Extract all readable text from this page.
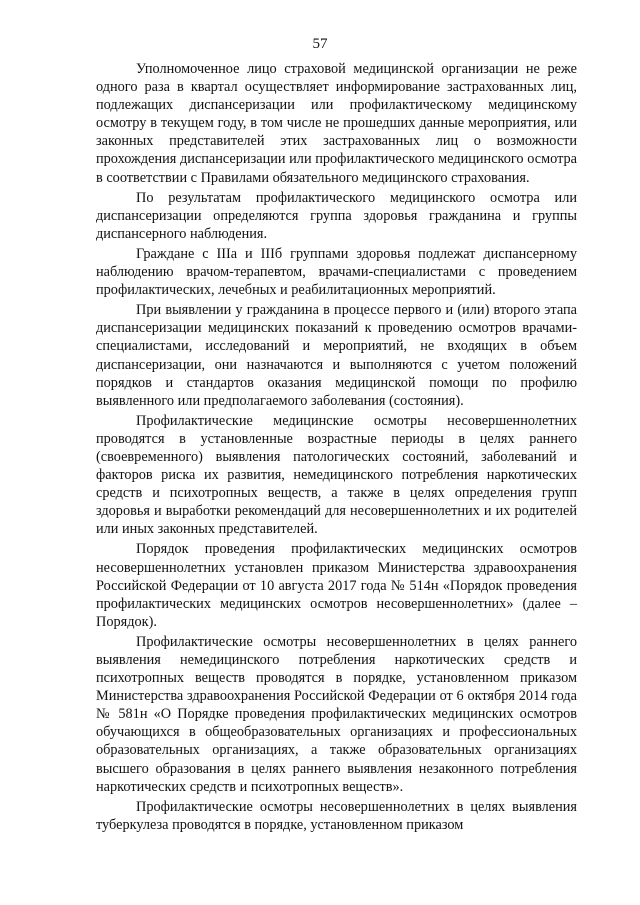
57

Уполномоченное лицо страховой медицинской организации не реже одного раза в квартал осуществляет информирование застрахованных лиц, подлежащих диспансеризации или профилактическому медицинскому осмотру в текущем году, в том числе не прошедших данные мероприятия, или законных представителей этих застрахованных лиц о возможности прохождения диспансеризации или профилактического медицинского осмотра в соответствии с Правилами обязательного медицинского страхования.

По результатам профилактического медицинского осмотра или диспансеризации определяются группа здоровья гражданина и группы диспансерного наблюдения.

Граждане с IIIа и IIIб группами здоровья подлежат диспансерному наблюдению врачом-терапевтом, врачами-специалистами с проведением профилактических, лечебных и реабилитационных мероприятий.

При выявлении у гражданина в процессе первого и (или) второго этапа диспансеризации медицинских показаний к проведению осмотров врачами-специалистами, исследований и мероприятий, не входящих в объем диспансеризации, они назначаются и выполняются с учетом положений порядков и стандартов оказания медицинской помощи по профилю выявленного или предполагаемого заболевания (состояния).

Профилактические медицинские осмотры несовершеннолетних проводятся в установленные возрастные периоды в целях раннего (своевременного) выявления патологических состояний, заболеваний и факторов риска их развития, немедицинского потребления наркотических средств и психотропных веществ, а также в целях определения групп здоровья и выработки рекомендаций для несовершеннолетних и их родителей или иных законных представителей.

Порядок проведения профилактических медицинских осмотров несовершеннолетних установлен приказом Министерства здравоохранения Российской Федерации от 10 августа 2017 года № 514н «Порядок проведения профилактических медицинских осмотров несовершеннолетних» (далее – Порядок).

Профилактические осмотры несовершеннолетних в целях раннего выявления немедицинского потребления наркотических средств и психотропных веществ проводятся в порядке, установленном приказом Министерства здравоохранения Российской Федерации от 6 октября 2014 года № 581н «О Порядке проведения профилактических медицинских осмотров обучающихся в общеобразовательных организациях и профессиональных образовательных организациях, а также образовательных организациях высшего образования в целях раннего выявления незаконного потребления наркотических средств и психотропных веществ».

Профилактические осмотры несовершеннолетних в целях выявления туберкулеза проводятся в порядке, установленном приказом
